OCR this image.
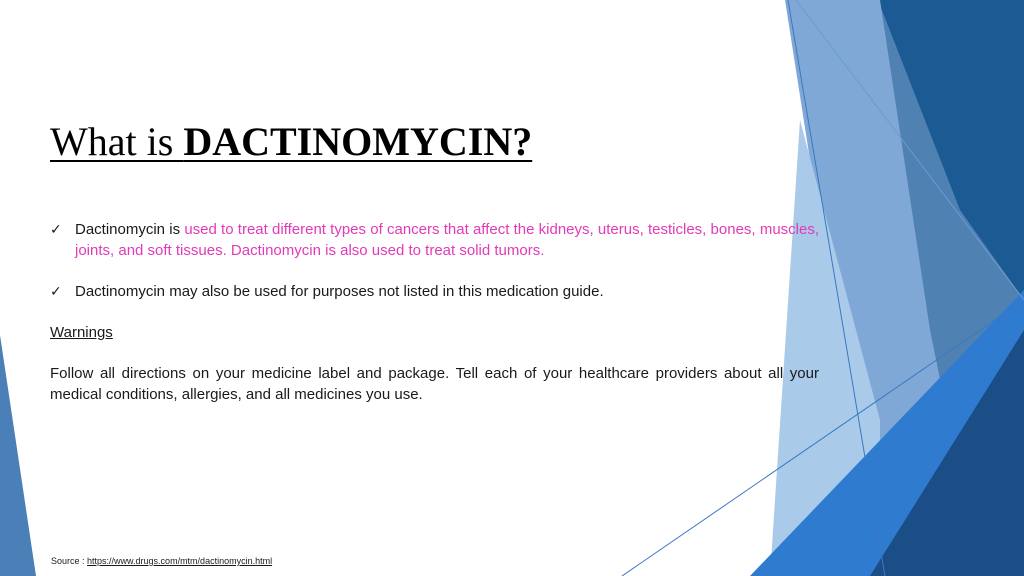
What is DACTINOMYCIN?
✓ Dactinomycin is used to treat different types of cancers that affect the kidneys, uterus, testicles, bones, muscles, joints, and soft tissues. Dactinomycin is also used to treat solid tumors.
✓ Dactinomycin may also be used for purposes not listed in this medication guide.

Warnings

Follow all directions on your medicine label and package. Tell each of your healthcare providers about all your medical conditions, allergies, and all medicines you use.

Source : https://www.drugs.com/mtm/dactinomycin.html
